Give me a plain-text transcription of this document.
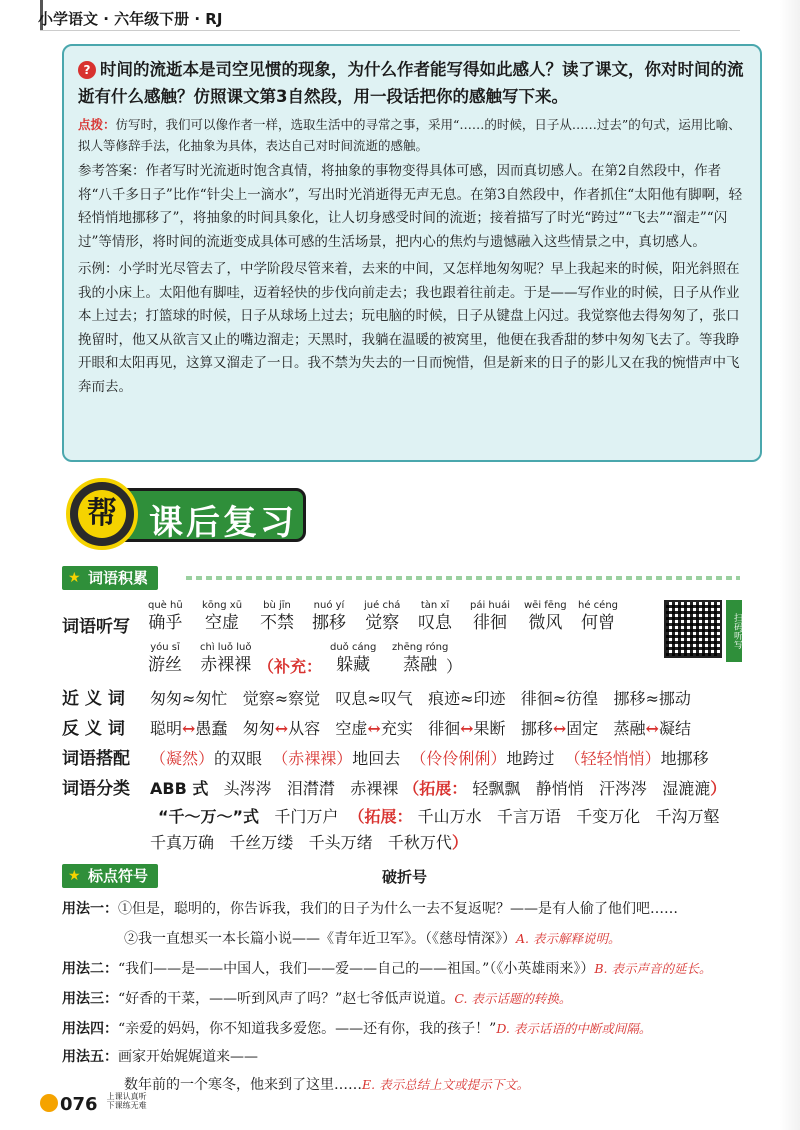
小学语文 · 六年级下册 · RJ
? 时间的流逝本是司空见惯的现象，为什么作者能写得如此感人？读了课文，你对时间的流逝有什么感触？仿照课文第3自然段，用一段话把你的感触写下来。
点拨：仿写时，我们可以像作者一样，选取生活中的寻常之事，采用“……的时候，日子从……过去”的句式，运用比喻、拟人等修辞手法，化抽象为具体，表达自己对时间流逝的感触。

参考答案：作者写时光流逝时饱含真情，将抽象的事物变得具体可感，因而真切感人。在第2自然段中，作者将“八千多日子”比作“针尖上一滴水”，写出时光消逝得无声无息。在第3自然段中，作者抓住“太阳他有脚啊，轻轻悄悄地挪移了”，将抽象的时间具象化，让人切身感受时间的流逝；接着描写了时光“跨过”“飞去”“溜走”“闪过”等情形，将时间的流逝变成具体可感的生活场景，把内心的焦灼与遗憾融入这些情景之中，真切感人。

示例：小学时光尽管去了，中学阶段尽管来着，去来的中间，又怎样地匆匆呢？早上我起来的时候，阳光斜照在我的小床上。太阳他有脚哇，迈着轻快的步伐向前走去；我也跟着往前走。于是——写作业的时候，日子从作业本上过去；打篮球的时候，日子从球场上过去；玩电脑的时候，日子从键盘上闪过。我觉察他去得匆匆了，张口挽留时，他又从欲言又止的嘴边溜走；天黑时，我躺在温暖的被窝里，他便在我香甜的梦中匆匆飞去了。等我睁开眼和太阳再见，这算又溜走了一日。我不禁为失去的一日而惋惜，但是新来的日子的影儿又在我的惋惜声中飞奔而去。

课后复习
帮
★ 词语积累
词语听写
què hū
确乎
kōng xū
空虚
bù jīn
不禁
nuó yí
挪移
jué chá
觉察
tàn xī
叹息
pái huái
徘徊
wēi fēng
微风
hé céng
何曾
yóu sī
游丝
chì luǒ luǒ
赤裸裸 （补充：
duǒ cáng
躲藏
zhēng róng
蒸融 ）
扫码听写
近 义 词 匆匆≈匆忙 觉察≈察觉 叹息≈叹气 痕迹≈印迹 徘徊≈彷徨 挪移≈挪动
反 义 词 聪明↔愚蠢 匆匆↔从容 空虚↔充实 徘徊↔果断 挪移↔固定 蒸融↔凝结
词语搭配 （凝然）的双眼 （赤裸裸）地回去 （伶伶俐俐）地跨过 （轻轻悄悄）地挪移
词语分类 ABB 式 头涔涔 泪潸潸 赤裸裸 （拓展： 轻飘飘 静悄悄 汗涔涔 湿漉漉）
“千～万～”式 千门万户 （拓展： 千山万水 千言万语 千变万化 千沟万壑
千真万确 千丝万缕 千头万绪 千秋万代）
★ 标点符号	破折号
用法一：①但是，聪明的，你告诉我，我们的日子为什么一去不复返呢？——是有人偷了他们吧……
②我一直想买一本长篇小说——《青年近卫军》。（《慈母情深》）A. 表示解释说明。
用法二：“我们——是——中国人，我们——爱——自己的——祖国。”（《小英雄雨来》）B. 表示声音的延长。
用法三：“好香的干菜，——听到风声了吗？”赵七爷低声说道。C. 表示话题的转换。
用法四：“亲爱的妈妈，你不知道我多爱您。——还有你，我的孩子！”D. 表示话语的中断或间隔。
用法五：画家开始娓娓道来——
数年前的一个寒冬，他来到了这里……E. 表示总结上文或提示下文。
076 上课认真听
下课练无难
